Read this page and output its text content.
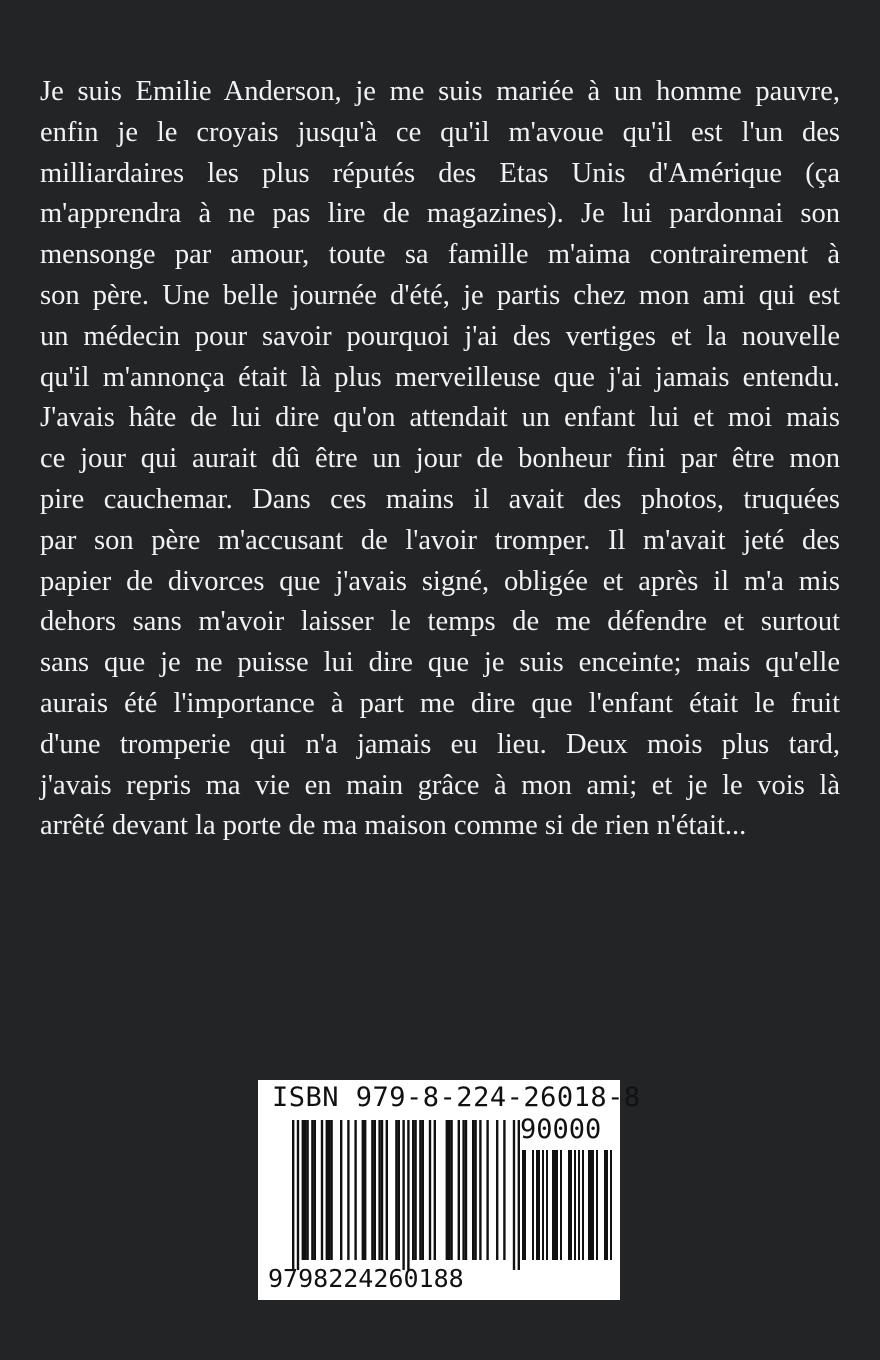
Je suis Emilie Anderson, je me suis mariée à un homme pauvre,
enfin je le croyais jusqu'à ce qu'il m'avoue qu'il est l'un des
milliardaires les plus réputés des Etas Unis d'Amérique (ça
m'apprendra à ne pas lire de magazines). Je lui pardonnai son
mensonge par amour, toute sa famille m'aima contrairement à
son père. Une belle journée d'été, je partis chez mon ami qui est
un médecin pour savoir pourquoi j'ai des vertiges et la nouvelle
qu'il m'annonça était là plus merveilleuse que j'ai jamais entendu.
J'avais hâte de lui dire qu'on attendait un enfant lui et moi mais
ce jour qui aurait dû être un jour de bonheur fini par être mon
pire cauchemar. Dans ces mains il avait des photos, truquées
par son père m'accusant de l'avoir tromper. Il m'avait jeté des
papier de divorces que j'avais signé, obligée et après il m'a mis
dehors sans m'avoir laisser le temps de me défendre et surtout
sans que je ne puisse lui dire que je suis enceinte; mais qu'elle
aurais été l'importance à part me dire que l'enfant était le fruit
d'une tromperie qui n'a jamais eu lieu. Deux mois plus tard,
j'avais repris ma vie en main grâce à mon ami; et je le vois là
arrêté devant la porte de ma maison comme si de rien n'était...
ISBN 979-8-224-26018-8
90000
9798224260188
